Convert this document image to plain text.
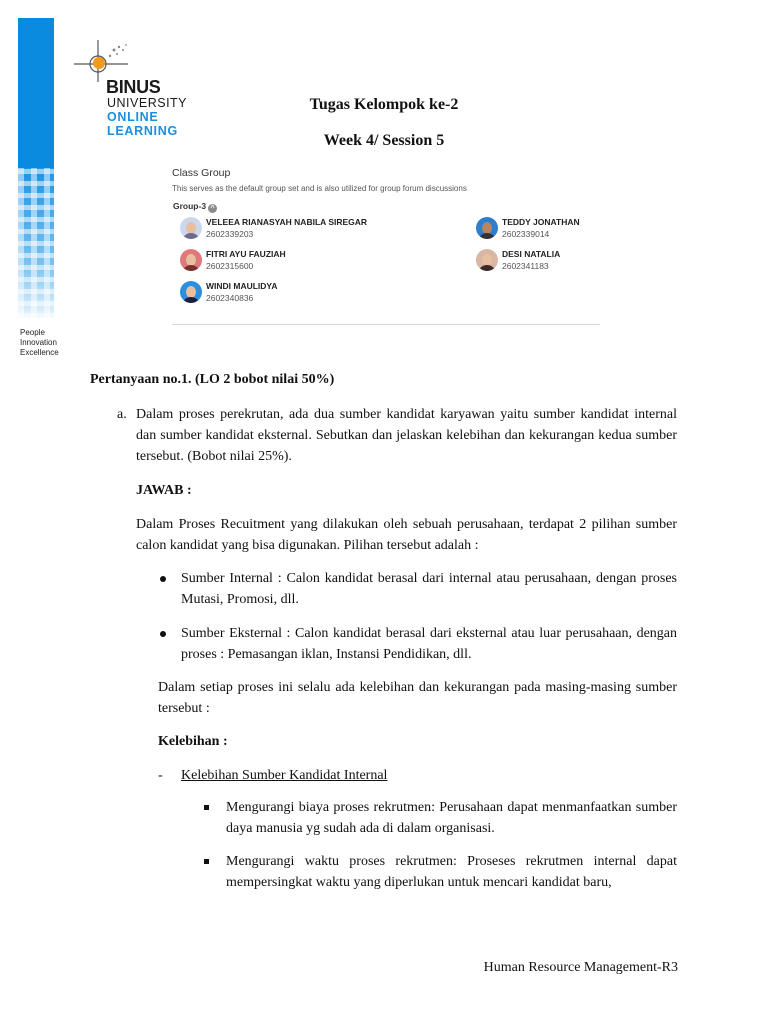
People
Innovation
Excellence
BINUS
UNIVERSITY
ONLINE
LEARNING
Tugas Kelompok ke-2
Week 4/ Session 5
Class Group
This serves as the default group set and is also utilized for group forum discussions
Group-3 ^
VELEEA RIANASYAH NABILA SIREGAR
2602339203
TEDDY JONATHAN
2602339014
FITRI AYU FAUZIAH
2602315600
DESI NATALIA
2602341183
WINDI MAULIDYA
2602340836
Pertanyaan no.1. (LO 2 bobot nilai 50%)
a. Dalam proses perekrutan, ada dua sumber kandidat karyawan yaitu sumber kandidat internal dan sumber kandidat eksternal. Sebutkan dan jelaskan kelebihan dan kekurangan kedua sumber tersebut. (Bobot nilai 25%).
JAWAB :
Dalam Proses Recuitment yang dilakukan oleh sebuah perusahaan, terdapat 2 pilihan sumber calon kandidat yang bisa digunakan. Pilihan tersebut adalah :
Sumber Internal : Calon kandidat berasal dari internal atau perusahaan, dengan proses Mutasi, Promosi, dll.
Sumber Eksternal : Calon kandidat berasal dari eksternal atau luar perusahaan, dengan proses : Pemasangan iklan, Instansi Pendidikan, dll.
Dalam setiap proses ini selalu ada kelebihan dan kekurangan pada masing-masing sumber tersebut :
Kelebihan :
- Kelebihan Sumber Kandidat Internal
Mengurangi biaya proses rekrutmen: Perusahaan dapat menmanfaatkan sumber daya manusia yg sudah ada di dalam organisasi.
Mengurangi waktu proses rekrutmen: Proseses rekrutmen internal dapat mempersingkat waktu yang diperlukan untuk mencari kandidat baru,
Human Resource Management-R3
